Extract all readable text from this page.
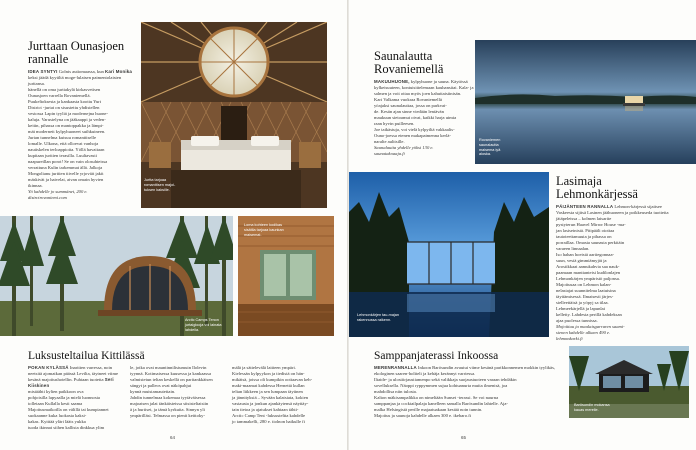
Jurttaan Ounasjoen
rannalle
IDEA SYNTYI Golnis autiomaassa, kun Kari Monika keksi jäädä kyytiltä moge-lulaisen paimentolaisten jurttansa.
hänellä on oma jurttakylä kirkasvetisen
Ounasjoen varrella Rovaniemellä.
Puukeltoksesta ja kankaasta koottu Yurt
District -jurtat on sisustettu yhdistellen
vestossa Lapin tyyliä ja modernejna huone-
kaluja. Varustelyna on jääkaappi ja veden-
keitin, pihassa on mantoppakka ja lämpi-
mät moderneit kylpyhuoneet suihkuineen.
Jurtan tunnelma kutsuu romanttiselle
lomalle. Ulkona, että olloevat vanhoja
nautiskelen terloappioita. Yöllä havaitaan
kupitaan jurttien terasilla. Luultavasti
naapureillan porot! Se on vain olosuhteissa
verrattuna Kulin tarkemmat ällä. Jalkoja
Mongolianu jurttien tiivelle yrjoviät jakit
mäskivät ja haivelat, aivan omain hyvien
ikinnaa.
Yö kahdelle jo summänet, 200 e.
distrctrovaniemi.com
Jurtta tarjoaa romanttisen majoi-tuksen kaksille.
Arctic Camps Tenon jurtaiglooja voi lainata lahdella.
Loma kohteen kodikas sisätila tarjoaa kaunkan maisemat.
Luksusteltailua Kittilässä
POKAN KYLÄSSÄ Inaritten varressa, noin neetsitä ajomatkan päässä Levilta, täytneet viime kesänä majoitushotellin. Puhtaan tuotetta Seri Kiiskinen
mistäähti kylien paikkoon ova
pohjoisilla lapyaalla ja mielä luonnosta
tolletaan Kullalla kesti saama
Majoitusmaikoilla on välillä tai kumpiannet
suokaanne kuka luokasta kaksi-
kakas. Kyittää yläri lääts yukka
tuoda ikinnat siihen kallista dinkkua ylim
le, jotka ovat mauntinnilistumuin Ilolevin
tyynnä. Kotimaisessa kuusessa ja kankaassa
valmistetun teltan keskellä on paritankkäisen
sängyt ja palleos ovat näköpahjui
kynnä muistamautettain.
Jahdin tunnelmaa kokemaa tyytäväisessa
majoatsen jalat tänkäisteissa sitsisteltaisiin
ä ja hurtiset, ja tämä kyrkuita. Sinnyn yli
ympärilläsi. Telmassa on pienit keittoky-
mälä ja sättelevälä laitteen ympäri.
Kielessän kylpyykon ja tiedistä on hän-
mikätsä, joissa oli kumpikin oottaavan keh-
maki-maamat kahdessa Hernettä kullan
teltan liikkeen ja sen lumpaan täytinen
ja jännityksiä – Syvään kalatsiata, kokien
vastausta ja jonkun ajankäytensä näyttäy-
tain tietoa ja ajatukset kahtaan tähti-
Arctic Camp Tent -luksusteltta kahdelle
jo tammakelli, 280 e. tiolnon haikulle fi
64
Saunalautta
Rovaniemellä
MAKUUHUONE, kylpyhuone ja sauna. Käytössä kylkeisuuteen, kontuisittelemaan kauhansitai. Kala- ja salmen ja voit ottaa myös joen kahuttaisiinisän.
Kari Valkama vuokraa Rovaniemellä
yöajaksi saunalauttaa, jossa on parkvai-
de. Kesän ajan sinne viedään lentävän
maukuun sietoamut oivat, kaikki harja uimia
raan hyvin puilleesen.
Joe taikästuja, voi vielä kylpyiltä vakkaalis-
Ouno-joessa etenen makapaimenna kerlä-
naralte aulitsille.
Saunalautta yhdelle yöksi 130 e.
saunatakoaaja.fi
Rovaniemen saunalautta maisema iyä aloska.
Lehmonkärjen tau-majan rakennussa raikenn.
Lasimaja
Lehmonkärjessä
PÄIJÄNTEEN RANNALLA Lehmon-kärjessä sijaitsee Vaskeesta sijitsä Lasinen jäähuoneen ja poikkeuseda tuotteita
jätäpeleissa – kolmen laisarite
pystyterun Haavel Mirror House -ma-
jan lasiseinistä. Pitipääli oiottaa
tautoteettamuuta ja pihassa on
porraillaa. Omasta saunasta perkitäin
varaeen linnaalan.
Iso hahan hoeistä aartiegonnaa-
suun, vesiä gimmiämyjät ja
Arostikkaat aamukahvia saa nauk-
paamaan manttanteisi kudilonlajen
Lehmonkärjen ympäristö paljonsa.
Majoitusaa on Lehmon kalan-
nelastajat suunnitelma laatuisina
täyttämisessä. Ilmaisesti järjes-
sielleettäisä ja yöpyj sa tilaa.
Lehmeekärjellä ja lapunlai
kelletty. Lahdesta perillä kahdeksan
ajaa puolessa tunnissa.
Mojoittuu ja maalaisgarraren saami-
sienen kahdelle alkaen 490 e.
lehmonkarki.fi
Samppanjaterassi Inkoossa
MERENRANNALLA Inkoon Barösundin avautui viime kesänä parikkonnemen mokkin tyylikäs, ekologinen saaren-holiteli ja kehäja kerännyt varriessa.
Iltaide- ja ulostiirjaustiamenpo sekä valikkaja suojaustuoteen varaan tehdäkin
sovelluksella. Näoppi ryppymmen sujua kohtuanurta muita ilmenisä, joa
mahdollisa niin tulosta.
Kalton mäkisampalikka on nimeltään Sunset -terassi. Se voi naurna
samppanjaa ja cocktailpalaja kanelleen samalla Barösundin lahtelle. Aja-
malka Helsingistä perille majaatuakaan kestää noin tunnin.
Majoitus ja saunoja kahdelle alkaen 300 e. ikebaro.fi
Barösundin mokansa kauas merelle.
65
